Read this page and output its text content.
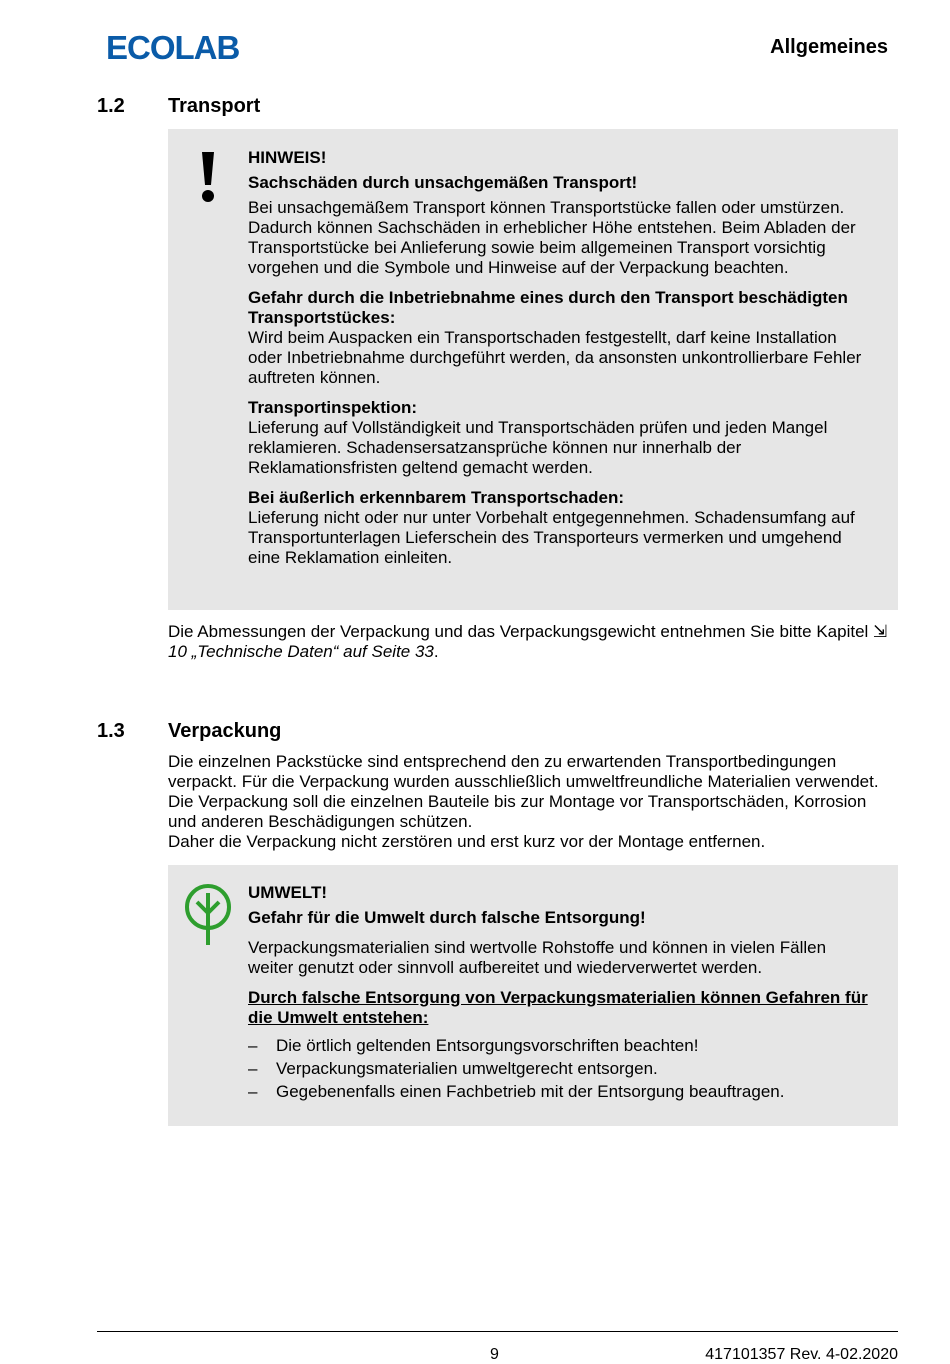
ECOLAB	Allgemeines
1.2 Transport

HINWEIS!

Sachschäden durch unsachgemäßen Transport!

Bei unsachgemäßem Transport können Transportstücke fallen oder umstürzen. Dadurch können Sachschäden in erheblicher Höhe entstehen. Beim Abladen der Transportstücke bei Anlieferung sowie beim allgemeinen Transport vorsichtig vorgehen und die Symbole und Hinweise auf der Verpackung beachten.

Gefahr durch die Inbetriebnahme eines durch den Transport beschädigten Transportstückes:

Wird beim Auspacken ein Transportschaden festgestellt, darf keine Installation oder Inbetriebnahme durchgeführt werden, da ansonsten unkontrollierbare Fehler auftreten können.

Transportinspektion:

Lieferung auf Vollständigkeit und Transportschäden prüfen und jeden Mangel reklamieren. Schadensersatzansprüche können nur innerhalb der Reklamationsfristen geltend gemacht werden.

Bei äußerlich erkennbarem Transportschaden:

Lieferung nicht oder nur unter Vorbehalt entgegennehmen. Schadensumfang auf Transportunterlagen Lieferschein des Transporteurs vermerken und umgehend eine Reklamation einleiten.

Die Abmessungen der Verpackung und das Verpackungsgewicht entnehmen Sie bitte Kapitel ⇲ 10 „Technische Daten“ auf Seite 33.
1.3 Verpackung
Die einzelnen Packstücke sind entsprechend den zu erwartenden Transportbedingungen verpackt. Für die Verpackung wurden ausschließlich umweltfreundliche Materialien verwendet. Die Verpackung soll die einzelnen Bauteile bis zur Montage vor Transportschäden, Korrosion und anderen Beschädigungen schützen.
Daher die Verpackung nicht zerstören und erst kurz vor der Montage entfernen.

UMWELT!

Gefahr für die Umwelt durch falsche Entsorgung!

Verpackungsmaterialien sind wertvolle Rohstoffe und können in vielen Fällen weiter genutzt oder sinnvoll aufbereitet und wiederverwertet werden.

Durch falsche Entsorgung von Verpackungsmaterialien können Gefahren für die Umwelt entstehen:

– Die örtlich geltenden Entsorgungsvorschriften beachten!
– Verpackungsmaterialien umweltgerecht entsorgen.
– Gegebenenfalls einen Fachbetrieb mit der Entsorgung beauftragen.
9	417101357 Rev. 4-02.2020
